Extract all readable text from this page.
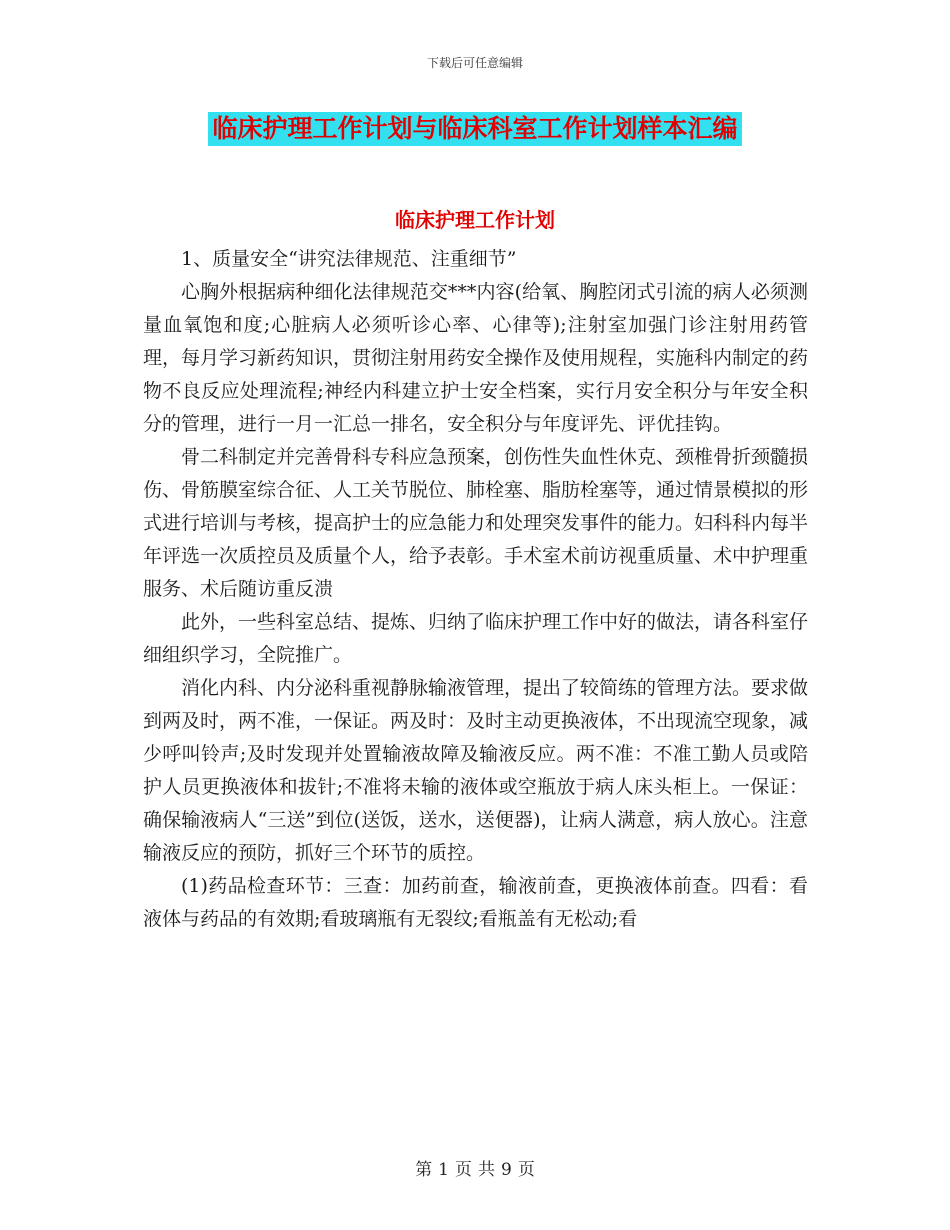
下载后可任意编辑
临床护理工作计划与临床科室工作计划样本汇编
临床护理工作计划

1、质量安全“讲究法律规范、注重细节”

心胸外根据病种细化法律规范交***内容(给氧、胸腔闭式引流的病人必须测量血氧饱和度;心脏病人必须听诊心率、心律等);注射室加强门诊注射用药管理，每月学习新药知识，贯彻注射用药安全操作及使用规程，实施科内制定的药物不良反应处理流程;神经内科建立护士安全档案，实行月安全积分与年安全积分的管理，进行一月一汇总一排名，安全积分与年度评先、评优挂钩。

骨二科制定并完善骨科专科应急预案，创伤性失血性休克、颈椎骨折颈髓损伤、骨筋膜室综合征、人工关节脱位、肺栓塞、脂肪栓塞等，通过情景模拟的形式进行培训与考核，提高护士的应急能力和处理突发事件的能力。妇科科内每半年评选一次质控员及质量个人，给予表彰。手术室术前访视重质量、术中护理重服务、术后随访重反溃

此外，一些科室总结、提炼、归纳了临床护理工作中好的做法，请各科室仔细组织学习，全院推广。

消化内科、内分泌科重视静脉输液管理，提出了较简练的管理方法。要求做到两及时，两不准，一保证。两及时：及时主动更换液体，不出现流空现象，减少呼叫铃声;及时发现并处置输液故障及输液反应。两不准：不准工勤人员或陪护人员更换液体和拔针;不准将未输的液体或空瓶放于病人床头柜上。一保证：确保输液病人“三送”到位(送饭，送水，送便器)，让病人满意，病人放心。注意输液反应的预防，抓好三个环节的质控。

(1)药品检查环节：三查：加药前查，输液前查，更换液体前查。四看：看液体与药品的有效期;看玻璃瓶有无裂纹;看瓶盖有无松动;看

第 1 页 共 9 页
